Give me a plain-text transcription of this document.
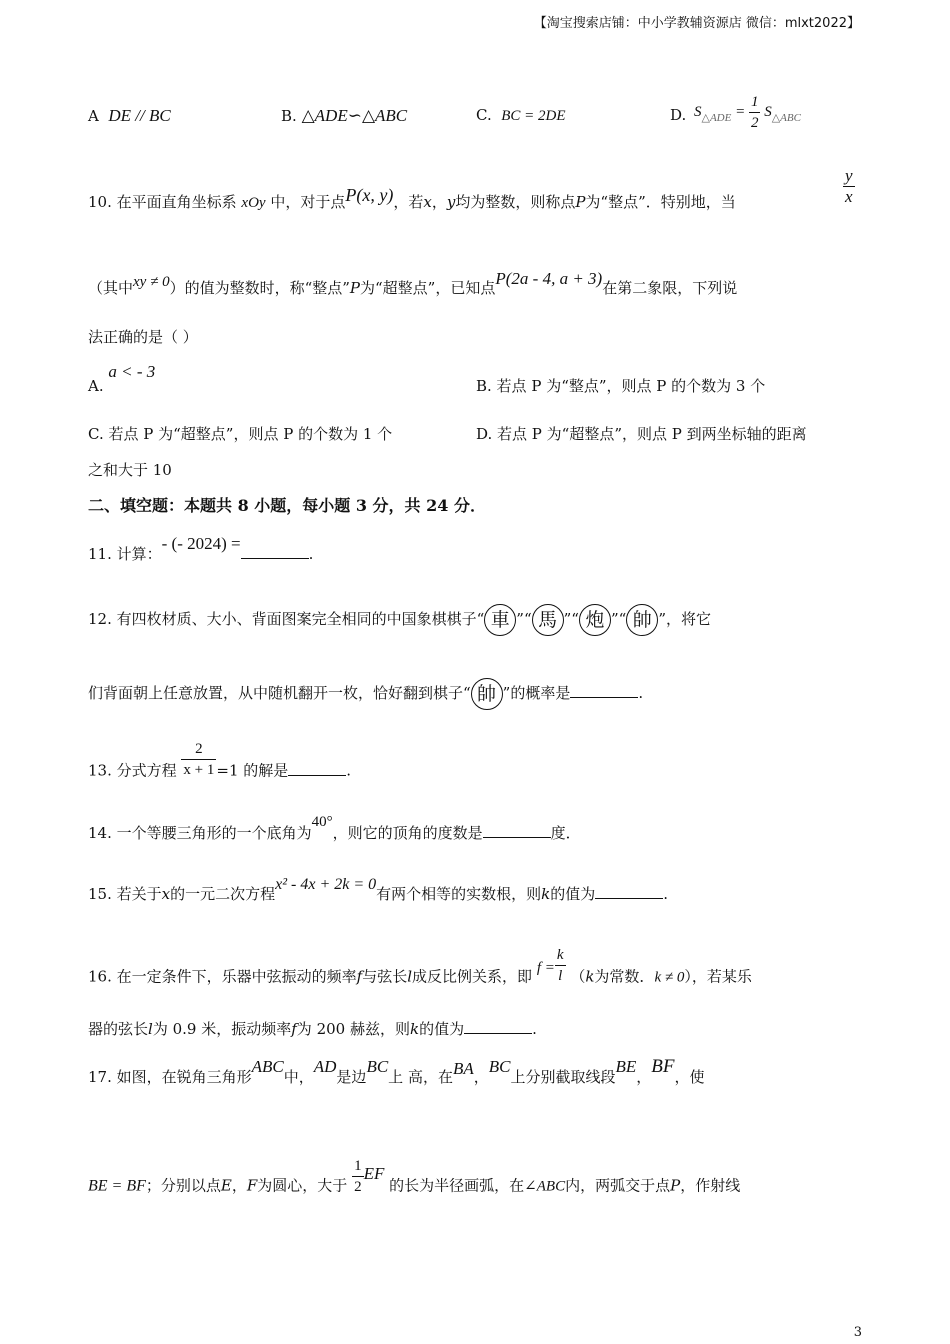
【淘宝搜索店铺：中小学教辅资源店 微信：mlxt2022】
A DE // BC	B. △ADE∽△ABC	C. BC = 2DE	D. $S_{\triangle ADE} = \frac{1}{2} S_{\triangle ABC}$
10. 在平面直角坐标系 xOy 中，对于点P(x, y)，若x，y均为整数，则称点P为“整点”．特别地，当	$\frac{y}{x}$
（其中xy ≠ 0）的值为整数时，称“整点”P为“超整点”，已知点P(2a - 4, a + 3)在第二象限，下列说
法正确的是（ ）
A. a < - 3
B. 若点 P 为“整点”，则点 P 的个数为 3 个
C. 若点 P 为“超整点”，则点 P 的个数为 1 个	D. 若点 P 为“超整点”，则点 P 到两坐标轴的距离
之和大于 10
二、填空题：本题共 8 小题，每小题 3 分，共 24 分．
11. 计算：- (- 2024) =.
12. 有四枚材质、大小、背面图案完全相同的中国象棋棋子“ 車 ”“ 馬 ”“ 炮 ”“ 帥 ”，将它
们背面朝上任意放置，从中随机翻开一枚，恰好翻到棋子“ 帥 ”的概率是	.
13. 分式方程 $\frac{2}{x + 1} =1$ 的解是	.
14. 一个等腰三角形的一个底角为40°，则它的顶角的度数是	度．
15. 若关于x的一元二次方程x² - 4x + 2k = 0有两个相等的实数根，则k的值为	.
16. 在一定条件下，乐器中弦振动的频率f与弦长l成反比例关系，即 $f = \frac{k}{l} (k$为常数．k ≠ 0），若某乐
器的弦长l为 0.9 米，振动频率f为 200 赫兹，则k的值为	.
17. 如图，在锐角三角形ABC中，AD是边BC上 高，在BA，BC上分别截取线段BE，BF，使
BE = BF；分别以点E，F为圆心，大于 $\frac{1}{2}$ EF 的长为半径画弧，在∠ABC内，两弧交于点P，作射线
3
